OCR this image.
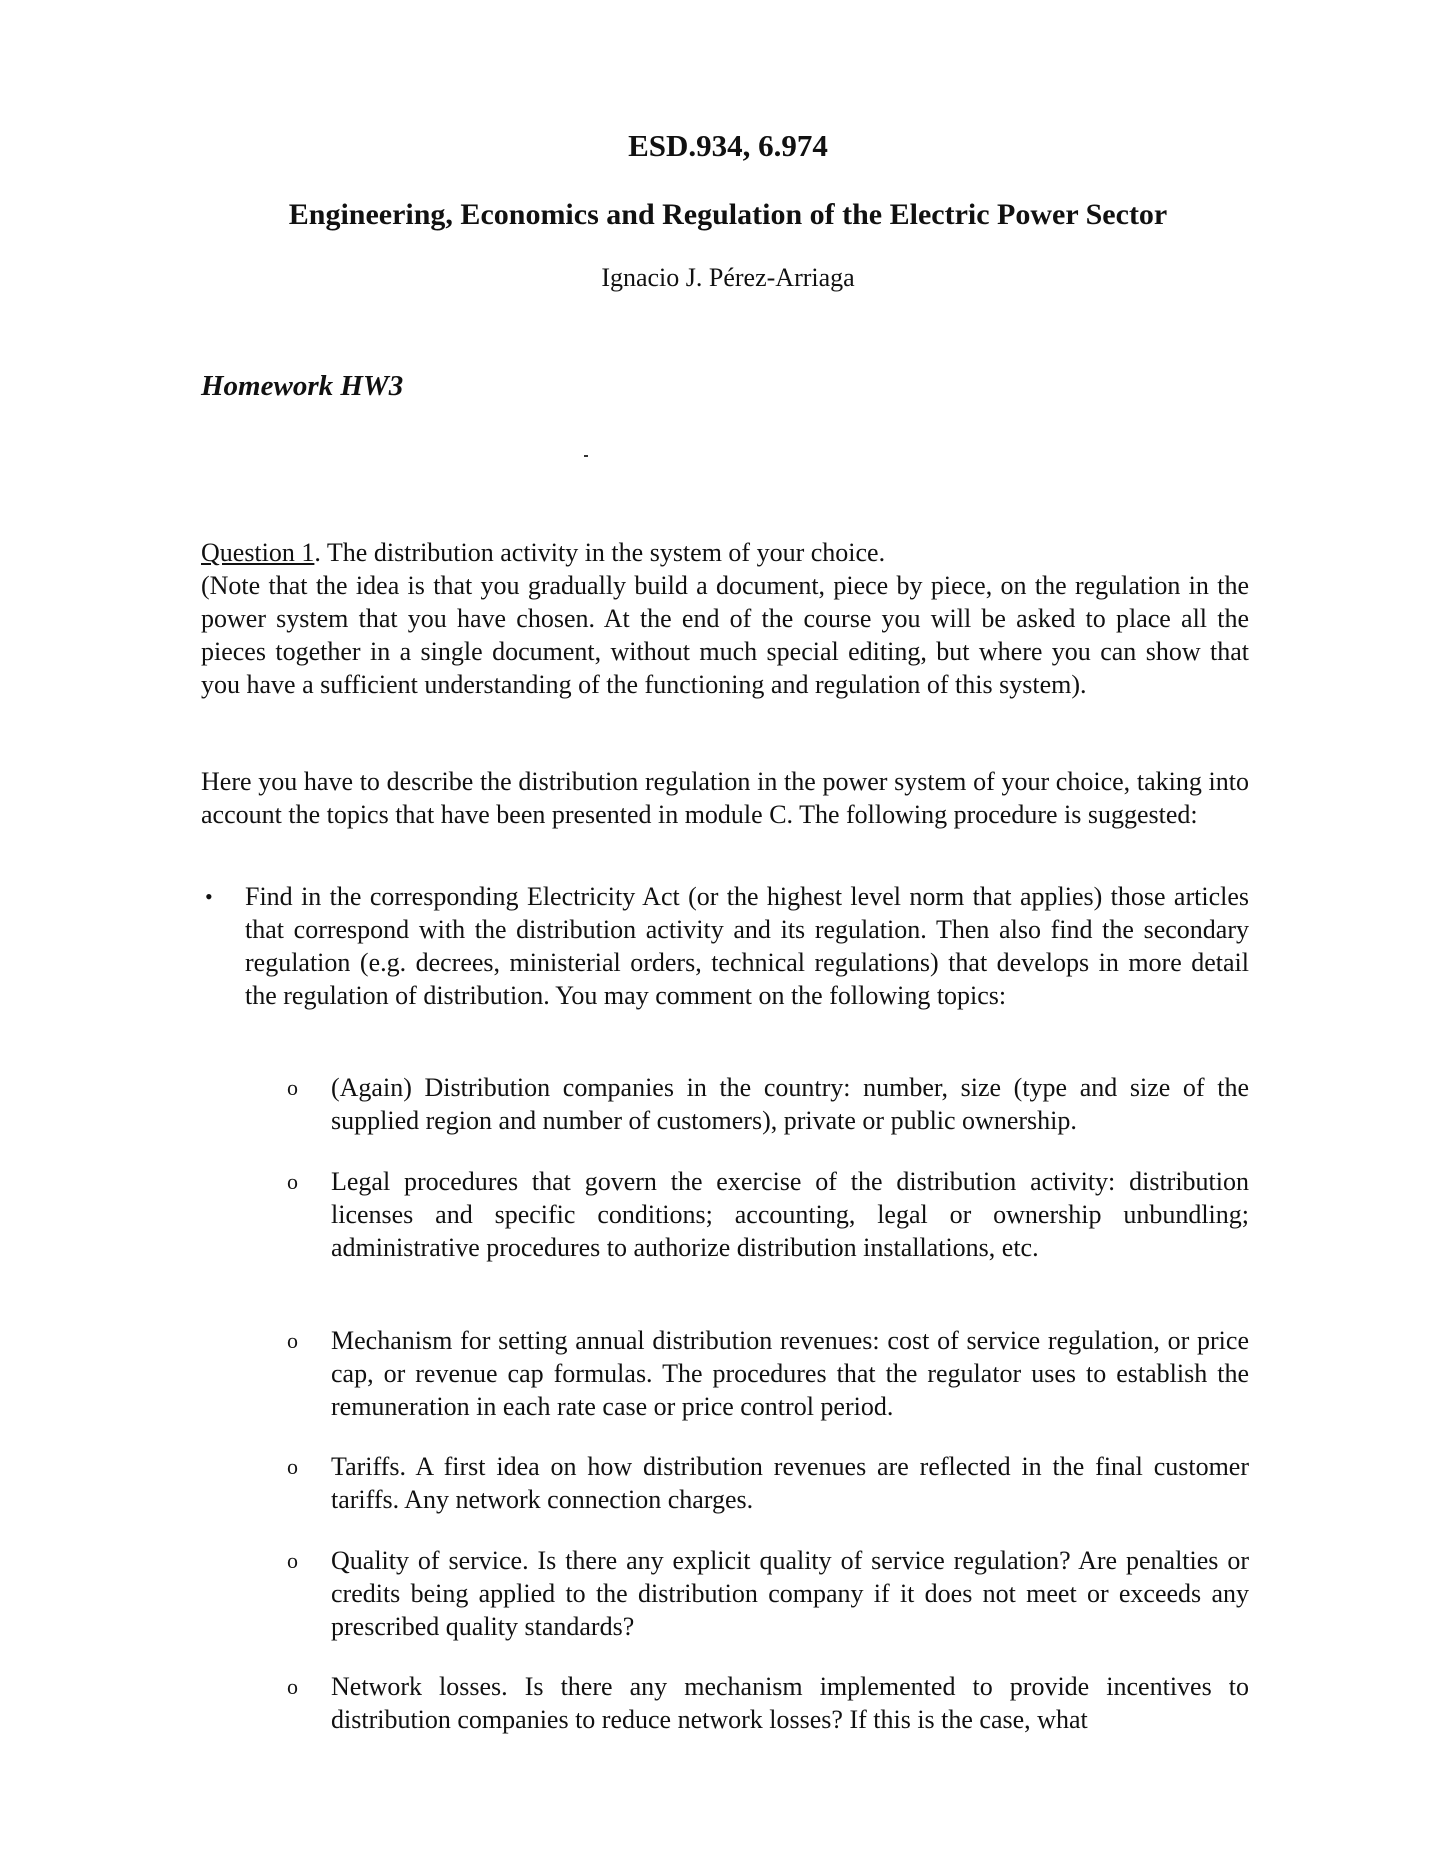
ESD.934, 6.974
Engineering, Economics and Regulation of the Electric Power Sector
Ignacio J. Pérez-Arriaga
Homework HW3
Question 1. The distribution activity in the system of your choice.
(Note that the idea is that you gradually build a document, piece by piece, on the regulation in the power system that you have chosen. At the end of the course you will be asked to place all the pieces together in a single document, without much special editing, but where you can show that you have a sufficient understanding of the functioning and regulation of this system).
Here you have to describe the distribution regulation in the power system of your choice, taking into account the topics that have been presented in module C. The following procedure is suggested:
•	Find in the corresponding Electricity Act (or the highest level norm that applies) those articles that correspond with the distribution activity and its regulation. Then also find the secondary regulation (e.g. decrees, ministerial orders, technical regulations) that develops in more detail the regulation of distribution. You may comment on the following topics:
o (Again) Distribution companies in the country: number, size (type and size of the supplied region and number of customers), private or public ownership.
o Legal procedures that govern the exercise of the distribution activity: distribution licenses and specific conditions; accounting, legal or ownership unbundling; administrative procedures to authorize distribution installations, etc.
o Mechanism for setting annual distribution revenues: cost of service regulation, or price cap, or revenue cap formulas. The procedures that the regulator uses to establish the remuneration in each rate case or price control period.
o Tariffs. A first idea on how distribution revenues are reflected in the final customer tariffs. Any network connection charges.
o Quality of service. Is there any explicit quality of service regulation? Are penalties or credits being applied to the distribution company if it does not meet or exceeds any prescribed quality standards?
o Network losses. Is there any mechanism implemented to provide incentives to distribution companies to reduce network losses? If this is the case, what
